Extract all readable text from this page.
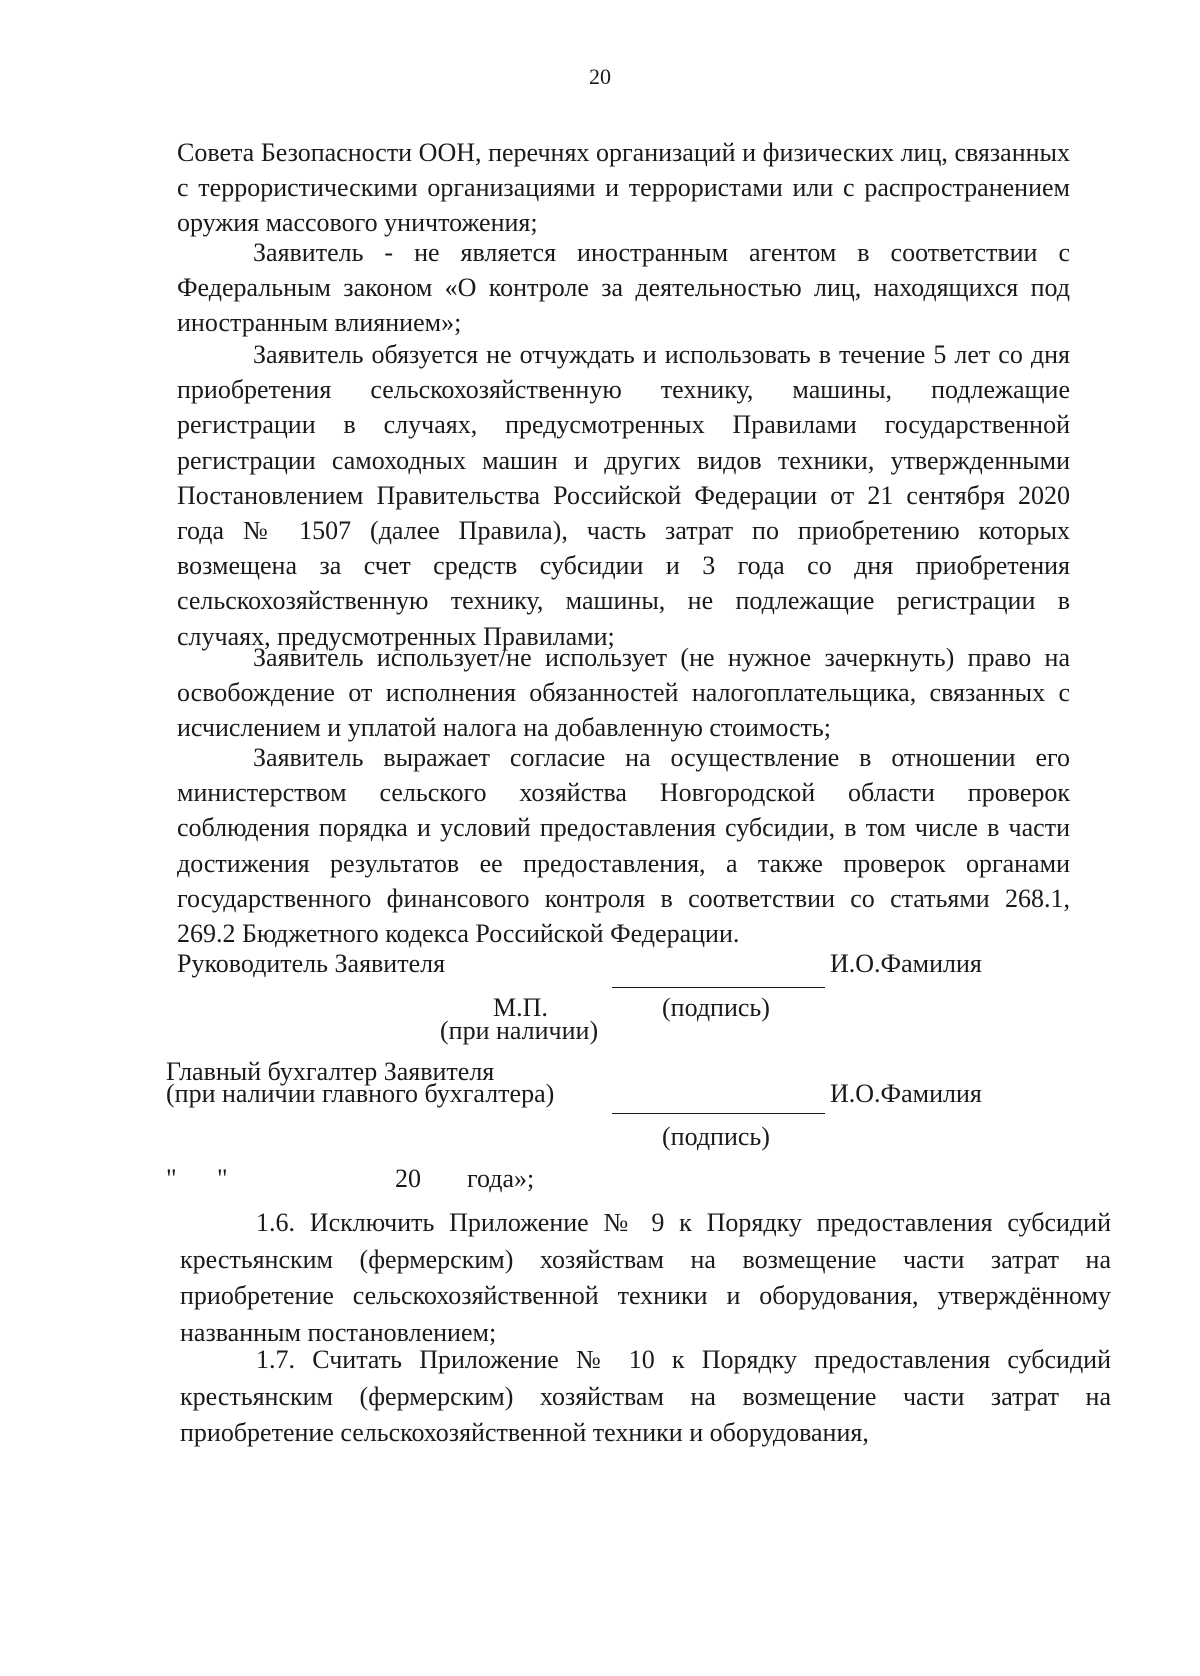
20

Совета Безопасности ООН, перечнях организаций и физических лиц, связанных с террористическими организациями и террористами или с распространением оружия массового уничтожения;

Заявитель - не является иностранным агентом в соответствии с Федеральным законом «О контроле за деятельностью лиц, находящихся под иностранным влиянием»;

Заявитель обязуется не отчуждать и использовать в течение 5 лет со дня приобретения сельскохозяйственную технику, машины, подлежащие регистрации в случаях, предусмотренных Правилами государственной регистрации самоходных машин и других видов техники, утвержденными Постановлением Правительства Российской Федерации от 21 сентября 2020 года № 1507 (далее Правила), часть затрат по приобретению которых возмещена за счет средств субсидии и 3 года со дня приобретения сельскохозяйственную технику, машины, не подлежащие регистрации в случаях, предусмотренных Правилами;

Заявитель использует/не использует (не нужное зачеркнуть) право на освобождение от исполнения обязанностей налогоплательщика, связанных с исчислением и уплатой налога на добавленную стоимость;

Заявитель выражает согласие на осуществление в отношении его министерством сельского хозяйства Новгородской области проверок соблюдения порядка и условий предоставления субсидии, в том числе в части достижения результатов ее предоставления, а также проверок органами государственного финансового контроля в соответствии со статьями 268.1, 269.2 Бюджетного кодекса Российской Федерации.

Руководитель Заявителя	И.О.Фамилия
М.П.	(подпись)
(при наличии)
Главный бухгалтер Заявителя
(при наличии главного бухгалтера)	И.О.Фамилия
(подпись)
" "	20 года»;

1.6. Исключить Приложение № 9 к Порядку предоставления субсидий крестьянским (фермерским) хозяйствам на возмещение части затрат на приобретение сельскохозяйственной техники и оборудования, утверждённому названным постановлением;

1.7. Считать Приложение № 10 к Порядку предоставления субсидий крестьянским (фермерским) хозяйствам на возмещение части затрат на приобретение сельскохозяйственной техники и оборудования,
